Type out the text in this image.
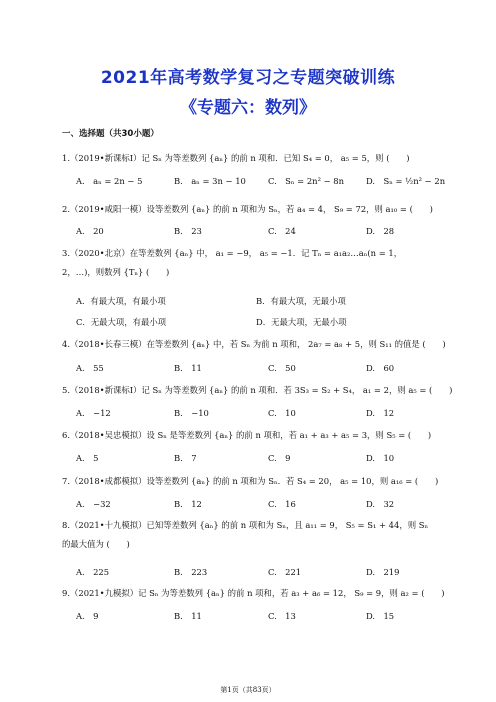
2021年高考数学复习之专题突破训练
《专题六：数列》
一、选择题（共30小题）
1.（2019•新课标Ⅰ）记 Sₙ 为等差数列 {aₙ} 的前 n 项和．已知 S₄ = 0， a₅ = 5，则 (　　)
A.　aₙ = 2n − 5	B.　aₙ = 3n − 10	C.　Sₙ = 2n² − 8n	D.　Sₙ = ½n² − 2n
2.（2019•咸阳一模）设等差数列 {aₙ} 的前 n 项和为 Sₙ，若 a₄ = 4， S₉ = 72，则 a₁₀ = (　　)
A.　20	B.　23	C.　24	D.　28
3.（2020•北京）在等差数列 {aₙ} 中， a₁ = −9， a₅ = −1．记 Tₙ = a₁a₂…aₙ(n = 1，2，…)，则数列 {Tₙ} (　　)
A．有最大项，有最小项	B．有最大项，无最小项
C．无最大项，有最小项	D．无最大项，无最小项
4.（2018•长春三模）在等差数列 {aₙ} 中，若 Sₙ 为前 n 项和， 2a₇ = a₈ + 5，则 S₁₁ 的值是 (　　)
A.　55	B.　11	C.　50	D.　60
5.（2018•新课标Ⅰ）记 Sₙ 为等差数列 {aₙ} 的前 n 项和．若 3S₃ = S₂ + S₄， a₁ = 2，则 a₅ = (　　)
A.　−12	B.　−10	C.　10	D.　12
6.（2018•吴忠模拟）设 Sₙ 是等差数列 {aₙ} 的前 n 项和，若 a₁ + a₃ + a₅ = 3，则 S₅ = (　　)
A.　5	B.　7	C.　9	D.　10
7.（2018•成都模拟）设等差数列 {aₙ} 的前 n 项和为 Sₙ．若 S₄ = 20， a₅ = 10，则 a₁₆ = (　　)
A.　−32	B.　12	C.　16	D.　32
8.（2021•十九模拟）已知等差数列 {aₙ} 的前 n 项和为 Sₙ，且 a₁₁ = 9， S₅ = S₁ + 44，则 Sₙ 的最大值为 (　　)
A.　225	B.　223	C.　221	D.　219
9.（2021•九模拟）记 Sₙ 为等差数列 {aₙ} 的前 n 项和，若 a₃ + a₆ = 12， S₉ = 9，则 a₂ = (　　)
A.　9	B.　11	C.　13	D.　15
第1页（共83页）
